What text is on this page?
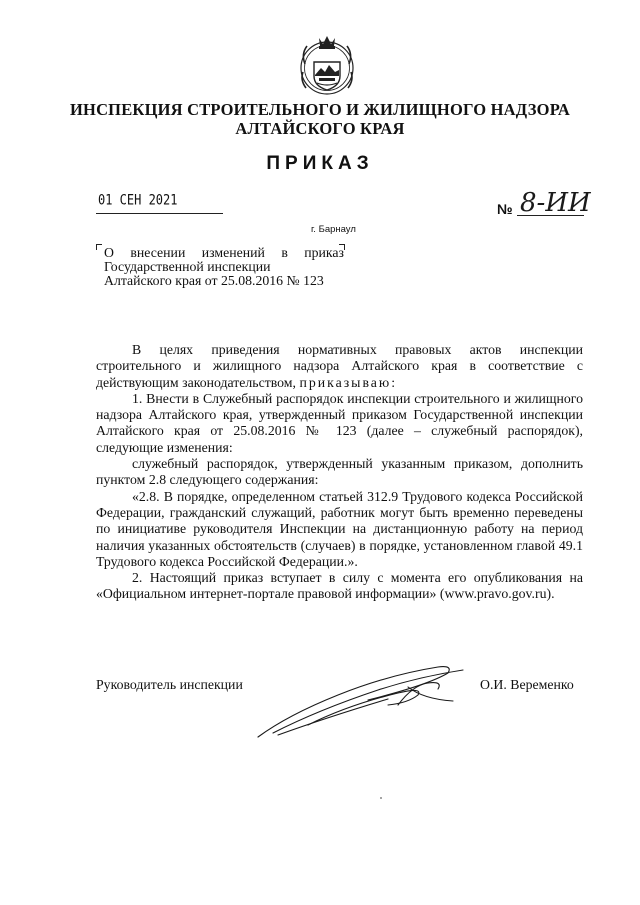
ИНСПЕКЦИЯ СТРОИТЕЛЬНОГО И ЖИЛИЩНОГО НАДЗОРА
АЛТАЙСКОГО КРАЯ
ПРИКАЗ
01 СЕН 2021
№ 8-ИИ
г. Барнаул
О внесении изменений в приказ
Государственной инспекции
Алтайского края от 25.08.2016 № 123

В целях приведения нормативных правовых актов инспекции строительного и жилищного надзора Алтайского края в соответствие с действующим законодательством, приказываю:

1. Внести в Служебный распорядок инспекции строительного и жилищного надзора Алтайского края, утвержденный приказом Государственной инспекции Алтайского края от 25.08.2016 № 123 (далее – служебный распорядок), следующие изменения:

служебный распорядок, утвержденный указанным приказом, дополнить пунктом 2.8 следующего содержания:

«2.8. В порядке, определенном статьей 312.9 Трудового кодекса Российской Федерации, гражданский служащий, работник могут быть временно переведены по инициативе руководителя Инспекции на дистанционную работу на период наличия указанных обстоятельств (случаев) в порядке, установленном главой 49.1 Трудового кодекса Российской Федерации.».

2. Настоящий приказ вступает в силу с момента его опубликования на «Официальном интернет-портале правовой информации» (www.pravo.gov.ru).

Руководитель инспекции	О.И. Веременко
